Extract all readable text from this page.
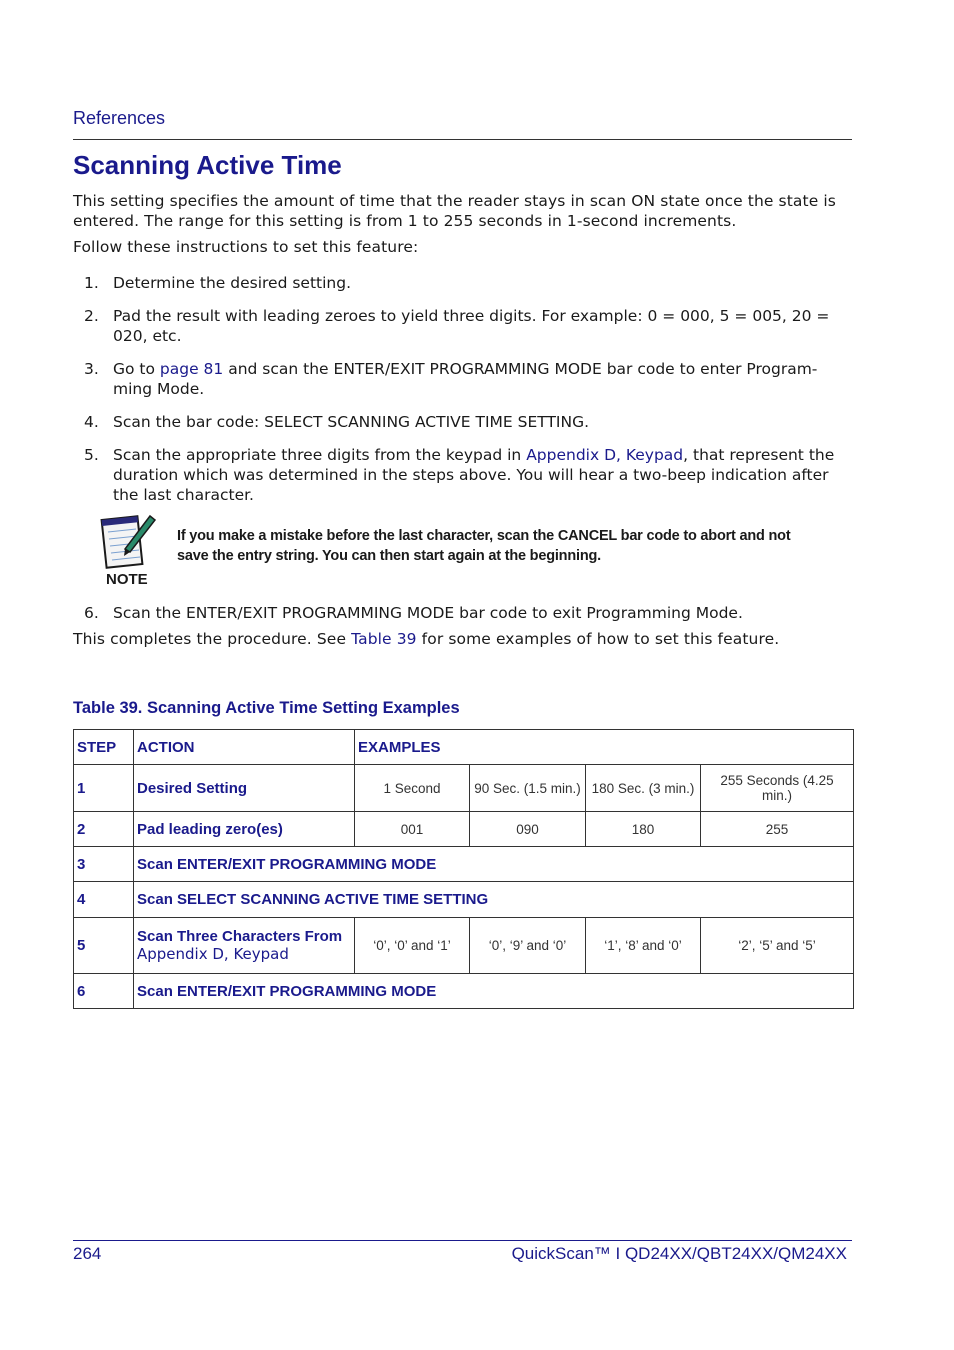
References
Scanning Active Time

This setting specifies the amount of time that the reader stays in scan ON state once the state is entered. The range for this setting is from 1 to 255 seconds in 1-second increments.

Follow these instructions to set this feature:

1. Determine the desired setting.
2. Pad the result with leading zeroes to yield three digits. For example: 0 = 000, 5 = 005, 20 = 020, etc.
3. Go to page 81 and scan the ENTER/EXIT PROGRAMMING MODE bar code to enter Program-ming Mode.
4. Scan the bar code: SELECT SCANNING ACTIVE TIME SETTING.
5. Scan the appropriate three digits from the keypad in Appendix D, Keypad, that represent the duration which was determined in the steps above. You will hear a two-beep indication after the last character.
NOTE
If you make a mistake before the last character, scan the CANCEL bar code to abort and not save the entry string. You can then start again at the beginning.
6. Scan the ENTER/EXIT PROGRAMMING MODE bar code to exit Programming Mode.

This completes the procedure. See Table 39 for some examples of how to set this feature.

Table 39. Scanning Active Time Setting Examples
STEP	ACTION	EXAMPLES			
1	Desired Setting	1 Second	90 Sec. (1.5 min.)	180 Sec. (3 min.)	255 Seconds (4.25 min.)
2	Pad leading zero(es)	001	090	180	255
3	Scan ENTER/EXIT PROGRAMMING MODE				
4	Scan SELECT SCANNING ACTIVE TIME SETTING				
5	Scan Three Characters From
Appendix D, Keypad	‘0’, ‘0’ and ‘1’	‘0’, ‘9’ and ‘0’	‘1’, ‘8’ and ‘0’	‘2’, ‘5’ and ‘5’
6	Scan ENTER/EXIT PROGRAMMING MODE				
264	QuickScan™ I QD24XX/QBT24XX/QM24XX
